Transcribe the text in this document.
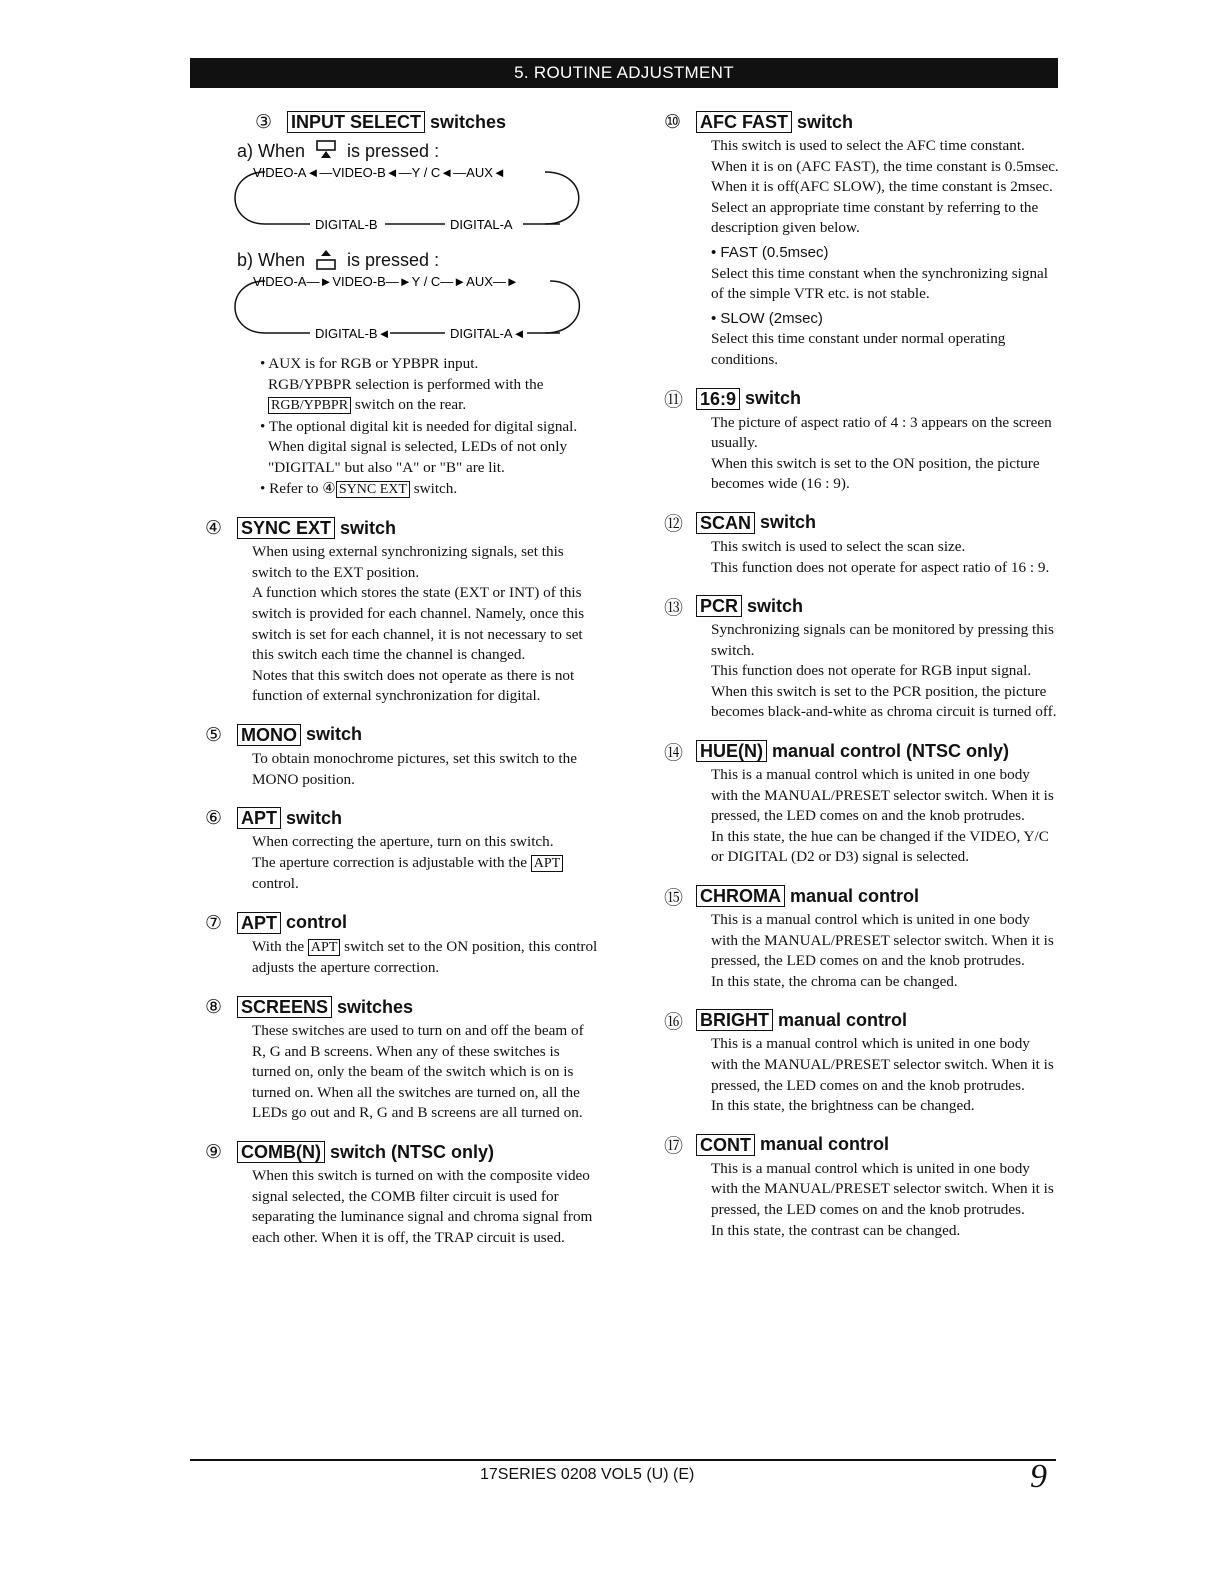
5. ROUTINE ADJUSTMENT
③	INPUT SELECT switches
a) When is pressed :
VIDEO-A◄—VIDEO-B◄—Y / C◄—AUX◄
DIGITAL-B	DIGITAL-A
b) When is pressed :
VIDEO-A—►VIDEO-B—►Y / C—►AUX—►
DIGITAL-B◄	DIGITAL-A◄

• AUX is for RGB or YPBPR input.

RGB/YPBPR selection is performed with the RGB/YPBPR switch on the rear.

• The optional digital kit is needed for digital signal.

When digital signal is selected, LEDs of not only "DIGITAL" but also "A" or "B" are lit.

• Refer to ④ SYNC EXT switch.

④	SYNC EXT switch

When using external synchronizing signals, set this switch to the EXT position.

A function which stores the state (EXT or INT) of this switch is provided for each channel. Namely, once this switch is set for each channel, it is not necessary to set this switch each time the channel is changed.

Notes that this switch does not operate as there is not function of external synchronization for digital.

⑤	MONO switch

To obtain monochrome pictures, set this switch to the MONO position.

⑥	APT switch

When correcting the aperture, turn on this switch.

The aperture correction is adjustable with the APT control.

⑦	APT control

With the APT switch set to the ON position, this control adjusts the aperture correction.

⑧	SCREENS switches

These switches are used to turn on and off the beam of R, G and B screens. When any of these switches is turned on, only the beam of the switch which is on is turned on. When all the switches are turned on, all the LEDs go out and R, G and B screens are all turned on.

⑨	COMB(N) switch (NTSC only)

When this switch is turned on with the composite video signal selected, the COMB filter circuit is used for separating the luminance signal and chroma signal from each other. When it is off, the TRAP circuit is used.

⑩	AFC FAST switch

This switch is used to select the AFC time constant.

When it is on (AFC FAST), the time constant is 0.5msec. When it is off(AFC SLOW), the time constant is 2msec.

Select an appropriate time constant by referring to the description given below.

• FAST (0.5msec)

Select this time constant when the synchronizing signal of the simple VTR etc. is not stable.

• SLOW (2msec)

Select this time constant under normal operating conditions.

⑪ 16:9 switch

The picture of aspect ratio of 4 : 3 appears on the screen usually.

When this switch is set to the ON position, the picture becomes wide (16 : 9).

⑫ SCAN switch

This switch is used to select the scan size.

This function does not operate for aspect ratio of 16 : 9.

⑬ PCR switch

Synchronizing signals can be monitored by pressing this switch.

This function does not operate for RGB input signal.

When this switch is set to the PCR position, the picture becomes black-and-white as chroma circuit is turned off.

⑭ HUE(N) manual control (NTSC only)

This is a manual control which is united in one body with the MANUAL/PRESET selector switch. When it is pressed, the LED comes on and the knob protrudes.

In this state, the hue can be changed if the VIDEO, Y/C or DIGITAL (D2 or D3) signal is selected.

⑮ CHROMA manual control

This is a manual control which is united in one body with the MANUAL/PRESET selector switch. When it is pressed, the LED comes on and the knob protrudes.

In this state, the chroma can be changed.

⑯ BRIGHT manual control

This is a manual control which is united in one body with the MANUAL/PRESET selector switch. When it is pressed, the LED comes on and the knob protrudes.

In this state, the brightness can be changed.

⑰ CONT manual control

This is a manual control which is united in one body with the MANUAL/PRESET selector switch. When it is pressed, the LED comes on and the knob protrudes.

In this state, the contrast can be changed.

17SERIES 0208 VOL5 (U) (E)	9
